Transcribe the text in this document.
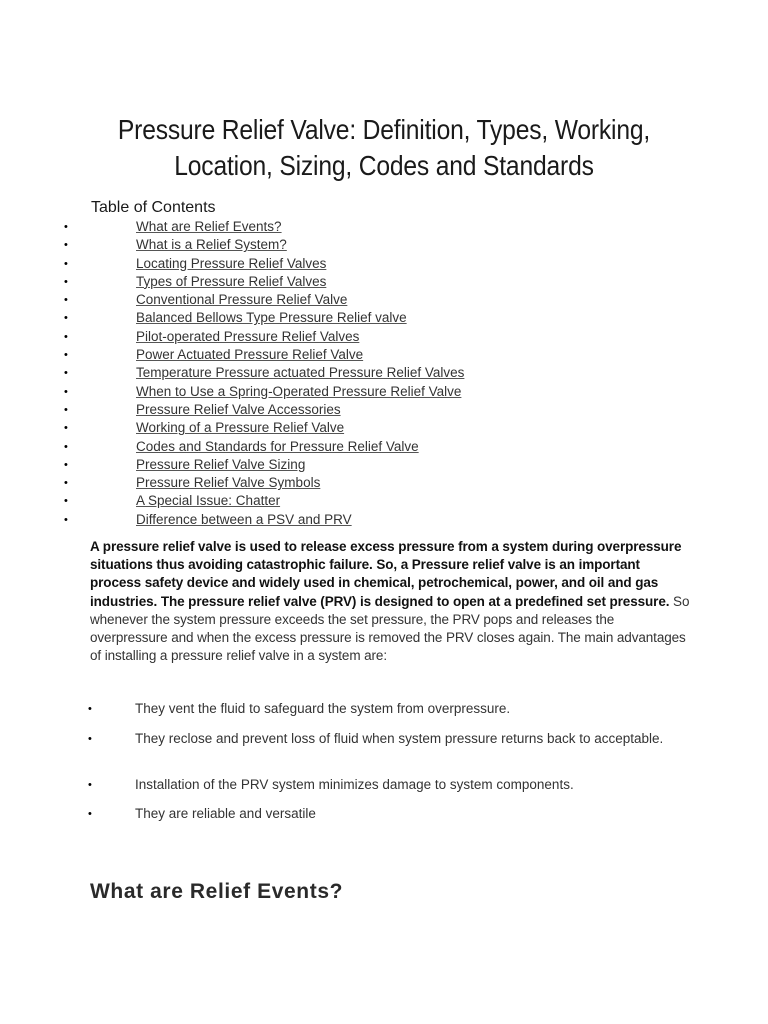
Pressure Relief Valve: Definition, Types, Working, Location, Sizing, Codes and Standards
Table of Contents
•	What are Relief Events?
•	What is a Relief System?
•	Locating Pressure Relief Valves
•	Types of Pressure Relief Valves
•	Conventional Pressure Relief Valve
•	Balanced Bellows Type Pressure Relief valve
•	Pilot-operated Pressure Relief Valves
•	Power Actuated Pressure Relief Valve
•	Temperature Pressure actuated Pressure Relief Valves
•	When to Use a Spring-Operated Pressure Relief Valve
•	Pressure Relief Valve Accessories
•	Working of a Pressure Relief Valve
•	Codes and Standards for Pressure Relief Valve
•	Pressure Relief Valve Sizing
•	Pressure Relief Valve Symbols
•	A Special Issue: Chatter
•	Difference between a PSV and PRV

A pressure relief valve is used to release excess pressure from a system during overpressure situations thus avoiding catastrophic failure. So, a Pressure relief valve is an important process safety device and widely used in chemical, petrochemical, power, and oil and gas industries. The pressure relief valve (PRV) is designed to open at a predefined set pressure. So whenever the system pressure exceeds the set pressure, the PRV pops and releases the overpressure and when the excess pressure is removed the PRV closes again. The main advantages of installing a pressure relief valve in a system are:

•	They vent the fluid to safeguard the system from overpressure.
•	They reclose and prevent loss of fluid when system pressure returns back to acceptable.
•	Installation of the PRV system minimizes damage to system components.
•	They are reliable and versatile
What are Relief Events?
